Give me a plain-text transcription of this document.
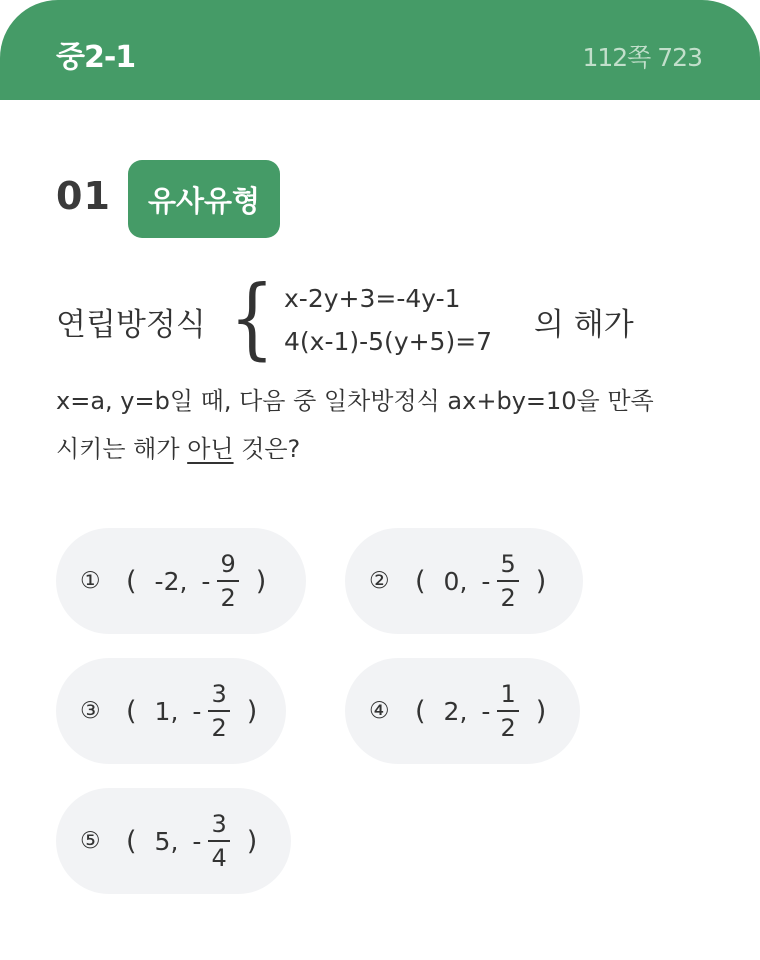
중2-1	112쪽 723
01	유사유형
연립방정식 { x-2y+3=-4y-1
4(x-1)-5(y+5)=7 의 해가
x=a, y=b일 때, 다음 중 일차방정식 ax+by=10을 만족
시키는 해가 아닌 것은?
① ( -2, - $\frac{9}{2}$ )	② ( 0, - $\frac{5}{2}$ )
③ ( 1, - $\frac{3}{2}$ )	④ ( 2, - $\frac{1}{2}$ )
⑤ ( 5, - $\frac{3}{4}$ )
